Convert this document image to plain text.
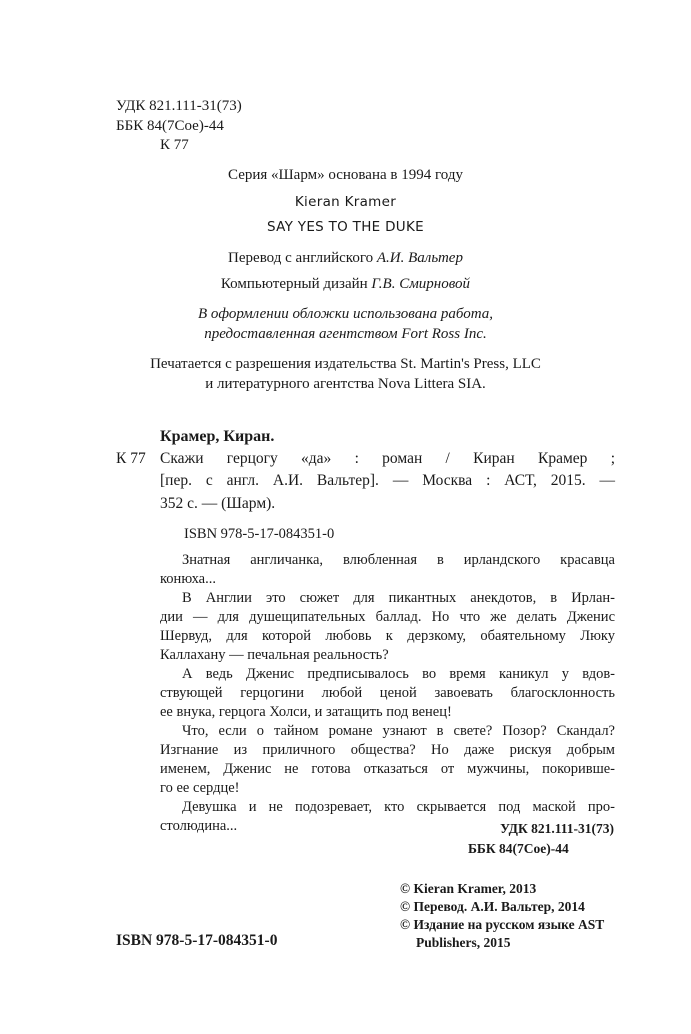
УДК 821.111-31(73)
ББК 84(7Сое)-44
К 77
Серия «Шарм» основана в 1994 году
Kieran Kramer
SAY YES TO THE DUKE
Перевод с английского А.И. Вальтер
Компьютерный дизайн Г.В. Смирновой
В оформлении обложки использована работа,
предоставленная агентством Fort Ross Inc.
Печатается с разрешения издательства St. Martin's Press, LLC
и литературного агентства Nova Littera SIA.
Крамер, Киран.
К 77 Скажи герцогу «да» : роман / Киран Крамер ;
[пер. с англ. А.И. Вальтер]. — Москва : АСТ, 2015. —
352 с. — (Шарм).
ISBN 978-5-17-084351-0
Знатная англичанка, влюбленная в ирландского красавца
конюха...
В Англии это сюжет для пикантных анекдотов, в Ирлан-
дии — для душещипательных баллад. Но что же делать Дженис
Шервуд, для которой любовь к дерзкому, обаятельному Люку
Каллахану — печальная реальность?
А ведь Дженис предписывалось во время каникул у вдов-
ствующей герцогини любой ценой завоевать благосклонность
ее внука, герцога Холси, и затащить под венец!
Что, если о тайном романе узнают в свете? Позор? Скандал?
Изгнание из приличного общества? Но даже рискуя добрым
именем, Дженис не готова отказаться от мужчины, покоривше-
го ее сердце!
Девушка и не подозревает, кто скрывается под маской про-
столюдина...	УДК 821.111-31(73)
ББК 84(7Сое)-44
ISBN 978-5-17-084351-0
© Kieran Kramer, 2013
© Перевод. А.И. Вальтер, 2014
© Издание на русском языке AST
Publishers, 2015
